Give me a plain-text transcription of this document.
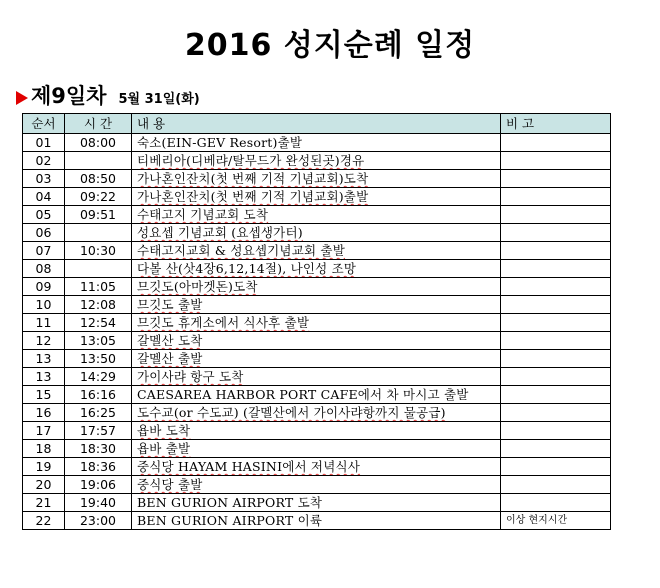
2016 성지순례 일정
제9일차 5월 31일(화)
순서	시 간	내 용	비 고
01	08:00	숙소(EIN-GEV Resort)출발	
02		티베리아(디베랴/탈무드가 완성된곳)경유	
03	08:50	가나혼인잔치(첫 번째 기적 기념교회)도착	
04	09:22	가나혼인잔치(첫 번째 기적 기념교회)출발	
05	09:51	수태고지 기념교회 도착	
06		성요셉 기념교회 (요셉생가터)	
07	10:30	수태고지교회 & 성요셉기념교회 출발	
08		다볼 산(삿4장6,12,14절), 나인성 조망	
09	11:05	므깃도(아마겟돈)도착	
10	12:08	므깃도 출발	
11	12:54	므깃도 휴게소에서 식사후 출발	
12	13:05	갈멜산 도착	
13	13:50	갈멜산 출발	
13	14:29	가이사랴 항구 도착	
15	16:16	CAESAREA HARBOR PORT CAFE에서 차 마시고 출발	
16	16:25	도수교(or 수도교) (갈멜산에서 가이사랴항까지 물공급)	
17	17:57	욥바 도착	
18	18:30	욥바 출발	
19	18:36	중식당 HAYAM HASINI에서 저녁식사	
20	19:06	중식당 출발	
21	19:40	BEN GURION AIRPORT 도착	
22	23:00	BEN GURION AIRPORT 이륙	이상 현지시간
